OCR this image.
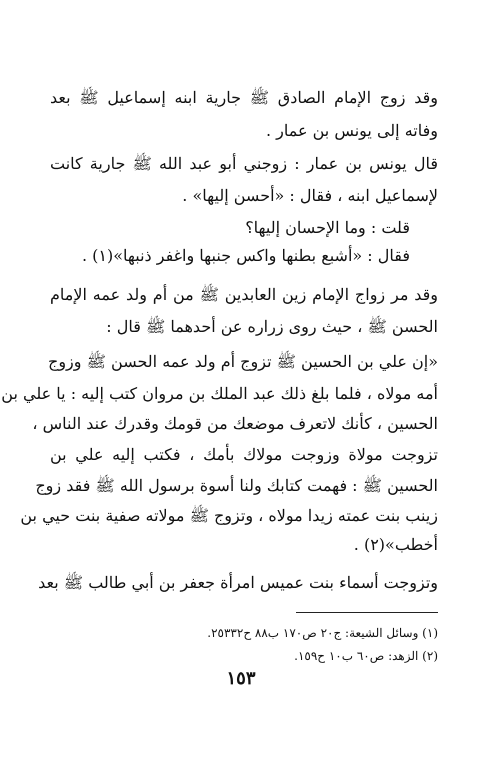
وقد زوج الإمام الصادق ﷺ جارية ابنه إسماعيل ﷺ بعد
وفاته إلى يونس بن عمار .
قال يونس بن عمار : زوجني أبو عبد الله ﷺ جارية كانت
لإسماعيل ابنه ، فقال : «أحسن إليها» .
قلت : وما الإحسان إليها؟
فقال : «أشبع بطنها واكس جنبها واغفر ذنبها»(١) .
وقد مر زواج الإمام زين العابدين ﷺ من أم ولد عمه الإمام
الحسن ﷺ ، حيث روى زراره عن أحدهما ﷺ قال :
«إن علي بن الحسين ﷺ تزوج أم ولد عمه الحسن ﷺ وزوج
أمه مولاه ، فلما بلغ ذلك عبد الملك بن مروان كتب إليه : يا علي بن
الحسين ، كأنك لاتعرف موضعك من قومك وقدرك عند الناس ،
تزوجت مولاة وزوجت مولاك بأمك ، فكتب إليه علي بن
الحسين ﷺ : فهمت كتابك ولنا أسوة برسول الله ﷺ فقد زوج
زينب بنت عمته زيدا مولاه ، وتزوج ﷺ مولاته صفية بنت حيي بن
أخطب»(٢) .
وتزوجت أسماء بنت عميس امرأة جعفر بن أبي طالب ﷺ بعد
(١) وسائل الشيعة: ج٢٠ ص١٧٠ ب٨٨ ح٢٥٣٣٢.
(٢) الزهد: ص٦٠ ب١٠ ح١٥٩.
١٥٣
